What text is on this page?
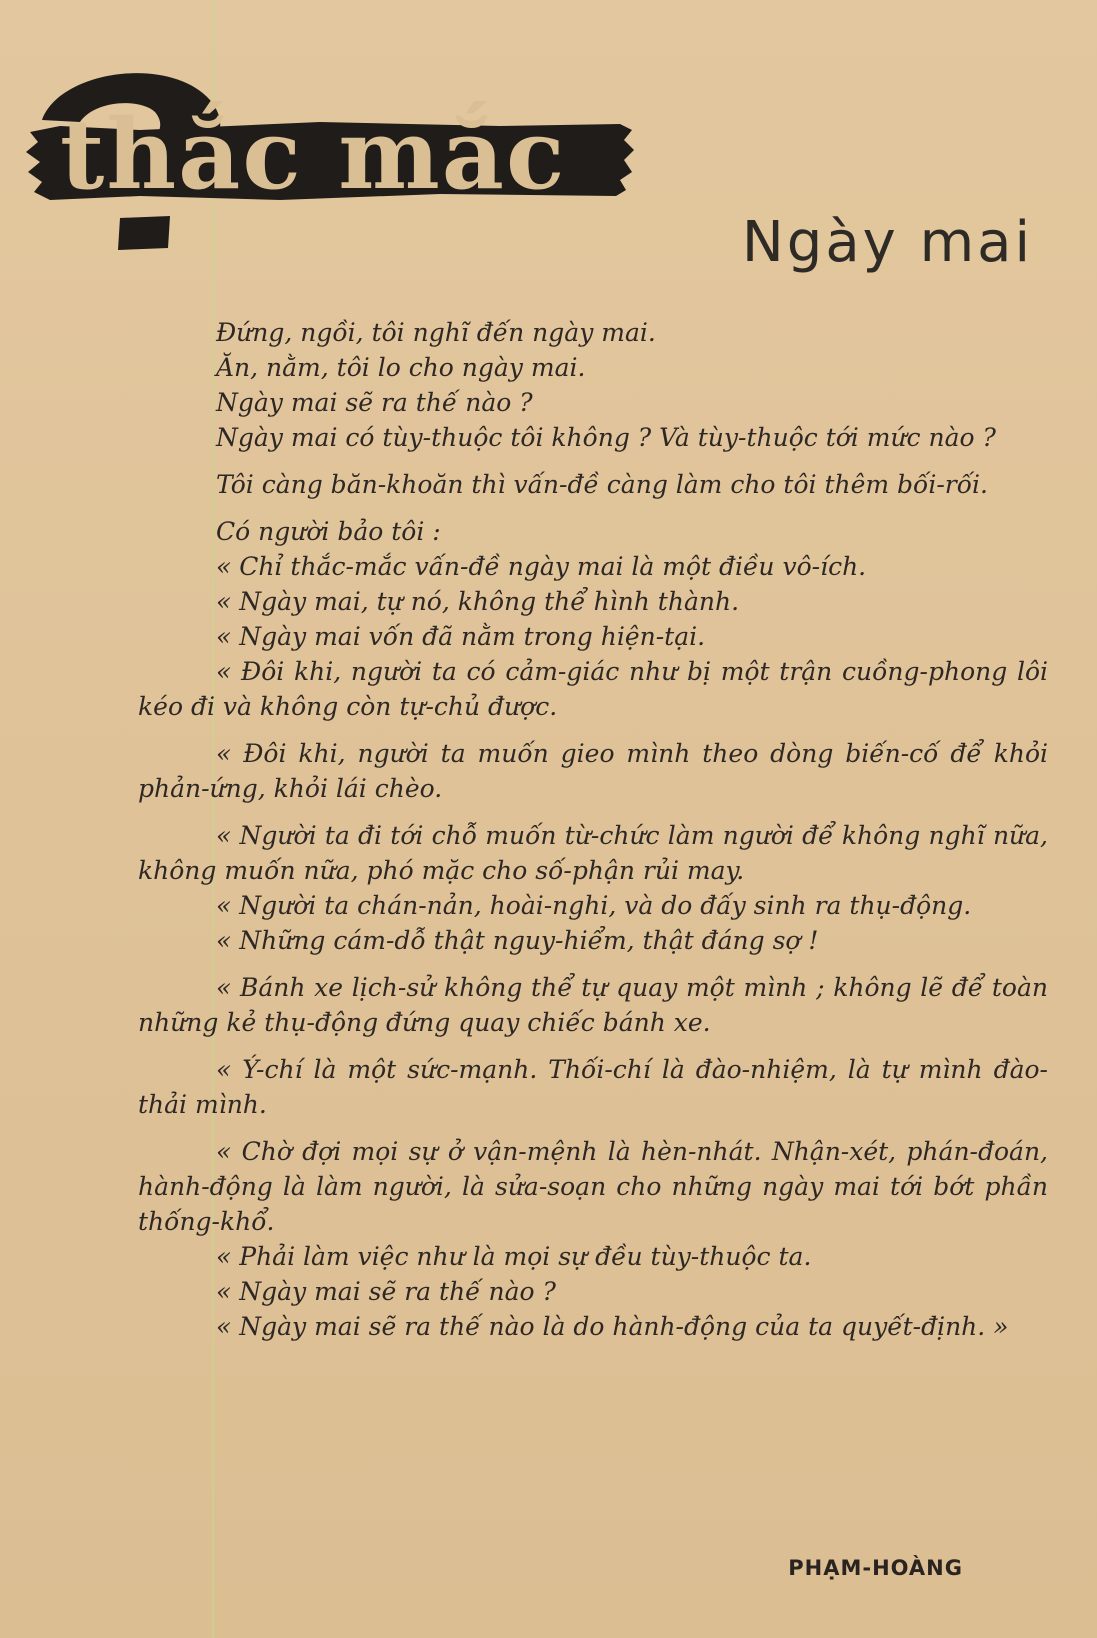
thắc mắc
Ngày mai

Đứng, ngồi, tôi nghĩ đến ngày mai.

Ăn, nằm, tôi lo cho ngày mai.

Ngày mai sẽ ra thế nào ?

Ngày mai có tùy-thuộc tôi không ? Và tùy-thuộc tới mức nào ?

Tôi càng băn-khoăn thì vấn-đề càng làm cho tôi thêm bối-rối.

Có người bảo tôi :

« Chỉ thắc-mắc vấn-đề ngày mai là một điều vô-ích.

« Ngày mai, tự nó, không thể hình thành.

« Ngày mai vốn đã nằm trong hiện-tại.

« Đôi khi, người ta có cảm-giác như bị một trận cuồng-phong lôi kéo đi và không còn tự-chủ được.

« Đôi khi, người ta muốn gieo mình theo dòng biến-cố để khỏi phản-ứng, khỏi lái chèo.

« Người ta đi tới chỗ muốn từ-chức làm người để không nghĩ nữa, không muốn nữa, phó mặc cho số-phận rủi may.

« Người ta chán-nản, hoài-nghi, và do đấy sinh ra thụ-động.

« Những cám-dỗ thật nguy-hiểm, thật đáng sợ !

« Bánh xe lịch-sử không thể tự quay một mình ; không lẽ để toàn những kẻ thụ-động đứng quay chiếc bánh xe.

« Ý-chí là một sức-mạnh. Thối-chí là đào-nhiệm, là tự mình đào-thải mình.

« Chờ đợi mọi sự ở vận-mệnh là hèn-nhát. Nhận-xét, phán-đoán, hành-động là làm người, là sửa-soạn cho những ngày mai tới bớt phần thống-khổ.

« Phải làm việc như là mọi sự đều tùy-thuộc ta.

« Ngày mai sẽ ra thế nào ?

« Ngày mai sẽ ra thế nào là do hành-động của ta quyết-định. »

PHẠM-HOÀNG
